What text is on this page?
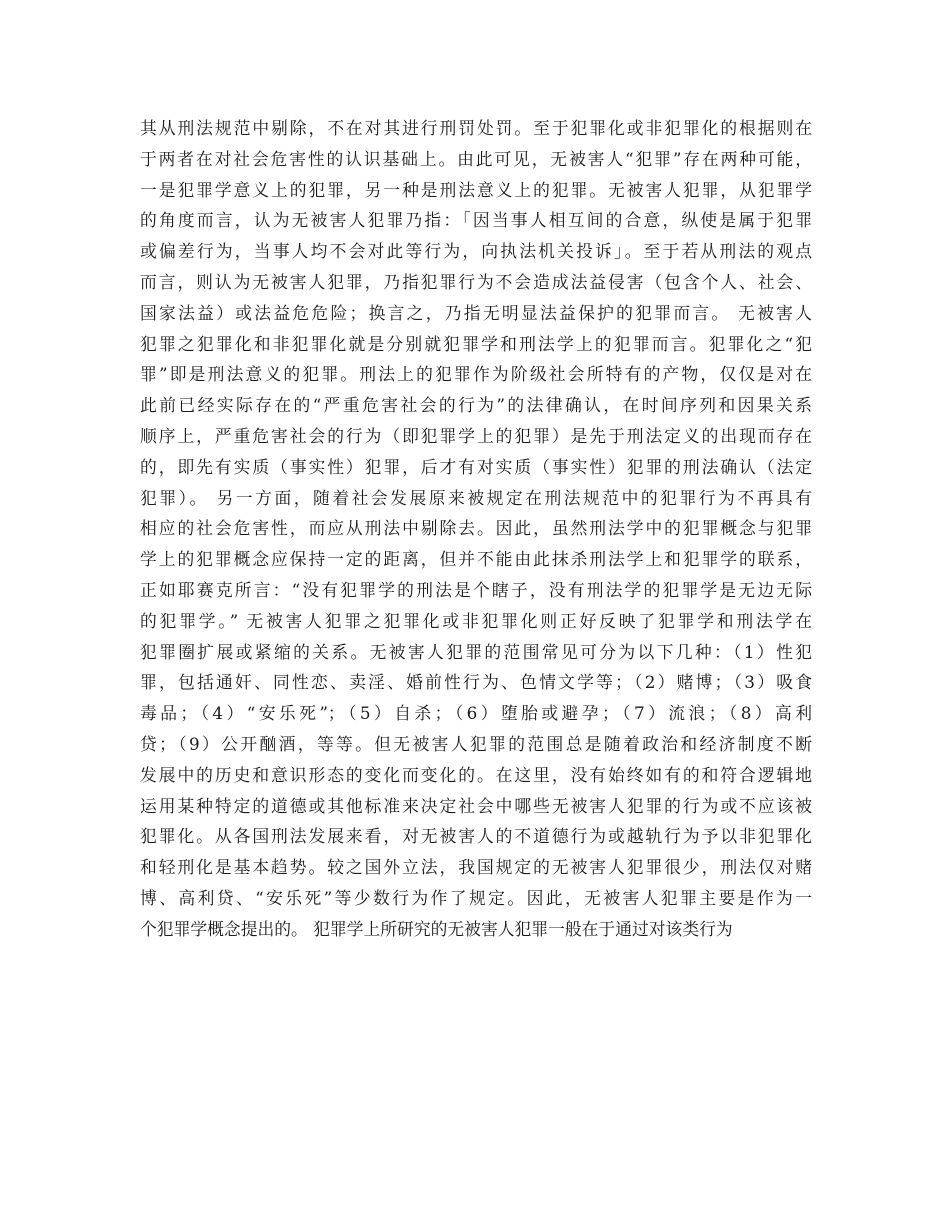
其从刑法规范中剔除，不在对其进行刑罚处罚。至于犯罪化或非犯罪化的根据则在
于两者在对社会危害性的认识基础上。由此可见，无被害人“犯罪”存在两种可能，
一是犯罪学意义上的犯罪，另一种是刑法意义上的犯罪。无被害人犯罪，从犯罪学
的角度而言，认为无被害人犯罪乃指：「因当事人相互间的合意，纵使是属于犯罪
或偏差行为，当事人均不会对此等行为，向执法机关投诉」。至于若从刑法的观点
而言，则认为无被害人犯罪，乃指犯罪行为不会造成法益侵害（包含个人、社会、
国家法益）或法益危危险；换言之，乃指无明显法益保护的犯罪而言。 无被害人
犯罪之犯罪化和非犯罪化就是分别就犯罪学和刑法学上的犯罪而言。犯罪化之“犯
罪”即是刑法意义的犯罪。刑法上的犯罪作为阶级社会所特有的产物，仅仅是对在
此前已经实际存在的“严重危害社会的行为”的法律确认，在时间序列和因果关系
顺序上，严重危害社会的行为（即犯罪学上的犯罪）是先于刑法定义的出现而存在
的，即先有实质（事实性）犯罪，后才有对实质（事实性）犯罪的刑法确认（法定
犯罪）。 另一方面，随着社会发展原来被规定在刑法规范中的犯罪行为不再具有
相应的社会危害性，而应从刑法中剔除去。因此，虽然刑法学中的犯罪概念与犯罪
学上的犯罪概念应保持一定的距离，但并不能由此抹杀刑法学上和犯罪学的联系，
正如耶赛克所言：“没有犯罪学的刑法是个瞎子，没有刑法学的犯罪学是无边无际
的犯罪学。” 无被害人犯罪之犯罪化或非犯罪化则正好反映了犯罪学和刑法学在
犯罪圈扩展或紧缩的关系。无被害人犯罪的范围常见可分为以下几种：（1）性犯
罪，包括通奸、同性恋、卖淫、婚前性行为、色情文学等；（2）赌博；（3）吸食
毒品；（4）“安乐死”；（5）自杀；（6）堕胎或避孕；（7）流浪；（8）高利
贷；（9）公开酗酒，等等。但无被害人犯罪的范围总是随着政治和经济制度不断
发展中的历史和意识形态的变化而变化的。在这里，没有始终如有的和符合逻辑地
运用某种特定的道德或其他标准来决定社会中哪些无被害人犯罪的行为或不应该被
犯罪化。从各国刑法发展来看，对无被害人的不道德行为或越轨行为予以非犯罪化
和轻刑化是基本趋势。较之国外立法，我国规定的无被害人犯罪很少，刑法仅对赌
博、高利贷、“安乐死”等少数行为作了规定。因此，无被害人犯罪主要是作为一
个犯罪学概念提出的。 犯罪学上所研究的无被害人犯罪一般在于通过对该类行为
